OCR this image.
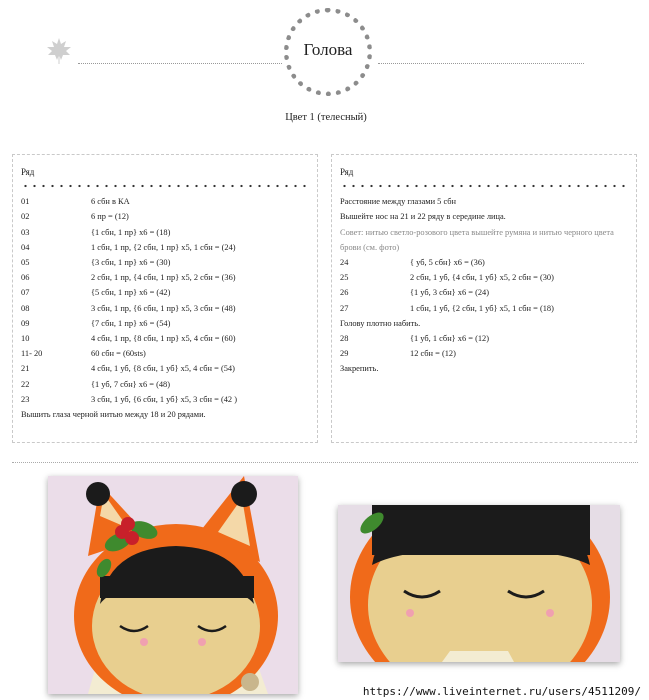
Голова
Цвет 1 (телесный)
Ряд
01	6 сбн в КА
02	6 пр = (12)
03	{1 сбн, 1 пр} х6 = (18)
04	1 сбн, 1 пр, {2 сбн, 1 пр} х5, 1 сбн = (24)
05	{3 сбн, 1 пр} х6 = (30)
06	2 сбн, 1 пр, {4 сбн, 1 пр} х5, 2 сбн = (36)
07	{5 сбн, 1 пр} х6 = (42)
08	3 сбн, 1 пр, {6 сбн, 1 пр} х5, 3 сбн = (48)
09	{7 сбн, 1 пр} х6 = (54)
10	4 сбн, 1 пр, {8 сбн, 1 пр} х5, 4 сбн = (60)
11- 20	60 сбн = (60sts)
21	4 сбн, 1 уб, {8 сбн, 1 уб} х5, 4 сбн = (54)
22	{1 уб, 7 сбн} х6 = (48)
23	3 сбн, 1 уб, {6 сбн, 1 уб} х5, 3 сбн = (42 )
Вышить глаза черной нитью между 18 и 20 рядами.
Ряд
Расстояние между глазами 5 сбн
Вышейте нос на 21 и 22 ряду в середине лица.
Совет: нитью светло-розового цвета вышейте румяна и нитью черного цвета брови (см. фото)
24	{ уб, 5 сбн} х6 = (36)
25	2 сбн, 1 уб, {4 сбн, 1 уб} х5, 2 сбн = (30)
26	{1 уб, 3 сбн} х6 = (24)
27	1 сбн, 1 уб, {2 сбн, 1 уб} х5, 1 сбн = (18)
Голову плотно набить.
28	{1 уб, 1 сбн} х6 = (12)
29	12 сбн = (12)
Закрепить.
https://www.liveinternet.ru/users/4511209/
